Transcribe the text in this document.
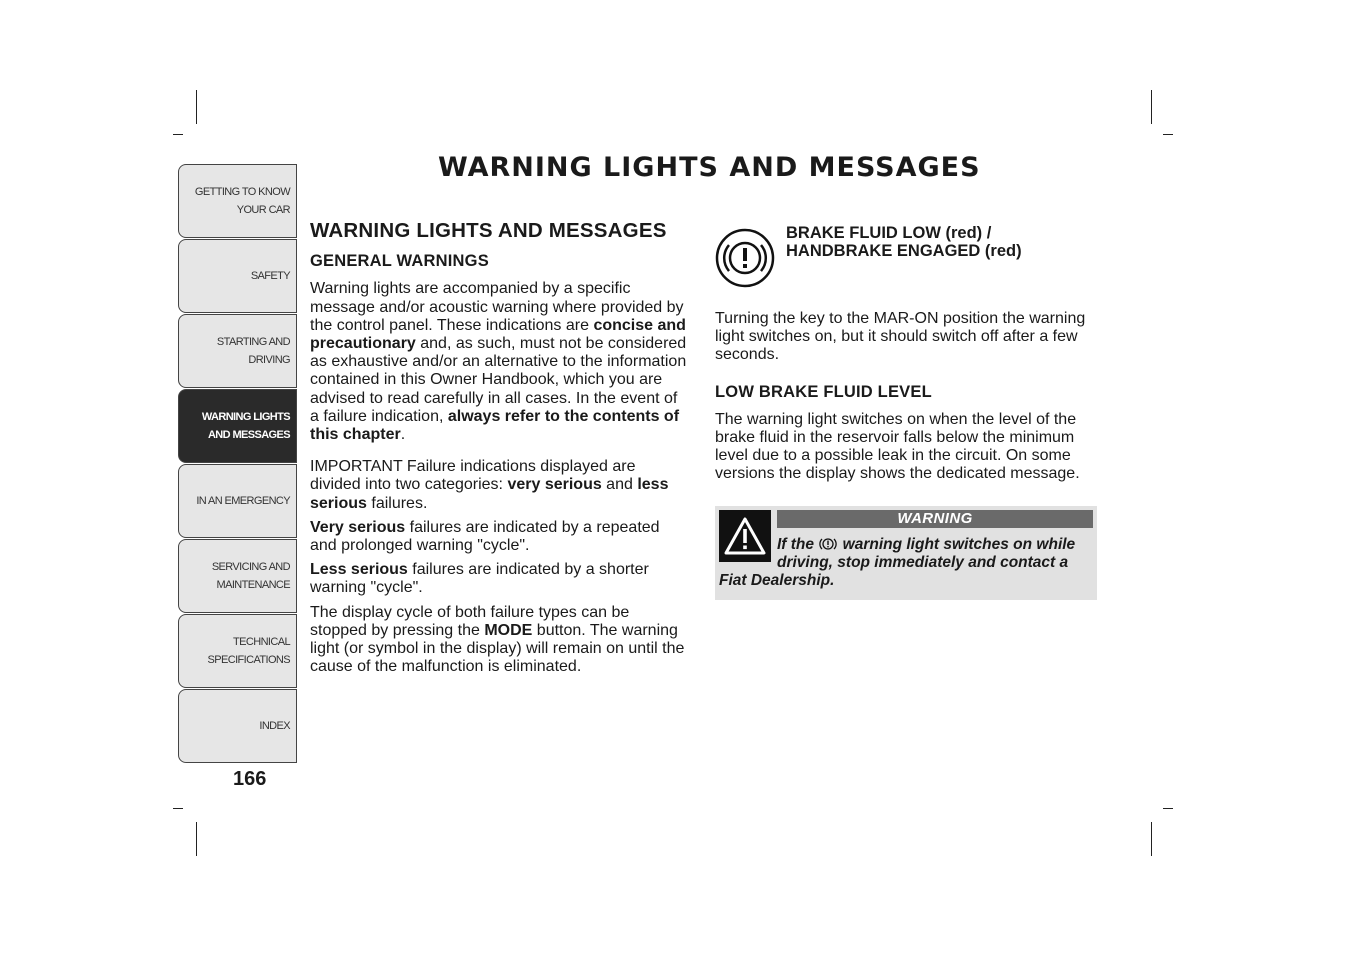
GETTING TO KNOW
YOUR CAR
SAFETY
STARTING AND
DRIVING
WARNING LIGHTS
AND MESSAGES
IN AN EMERGENCY
SERVICING AND
MAINTENANCE
TECHNICAL
SPECIFICATIONS
INDEX
166
WARNING LIGHTS AND MESSAGES
WARNING LIGHTS AND MESSAGES
GENERAL WARNINGS

Warning lights are accompanied by a specific message and/or acoustic warning where provided by the control panel. These indications are concise and precautionary and, as such, must not be considered as exhaustive and/or an alternative to the information contained in this Owner Handbook, which you are advised to read carefully in all cases. In the event of a failure indication, always refer to the contents of this chapter.

IMPORTANT Failure indications displayed are divided into two categories: very serious and less serious failures.

Very serious failures are indicated by a repeated and prolonged warning "cycle".

Less serious failures are indicated by a shorter warning "cycle".

The display cycle of both failure types can be stopped by pressing the MODE button. The warning light (or symbol in the display) will remain on until the cause of the malfunction is eliminated.

BRAKE FLUID LOW (red) /
HANDBRAKE ENGAGED (red)

Turning the key to the MAR-ON position the warning light switches on, but it should switch off after a few seconds.

LOW BRAKE FLUID LEVEL

The warning light switches on when the level of the brake fluid in the reservoir falls below the minimum level due to a possible leak in the circuit. On some versions the display shows the dedicated message.

WARNING
If the  warning light switches on while driving, stop immediately and contact a Fiat Dealership.
